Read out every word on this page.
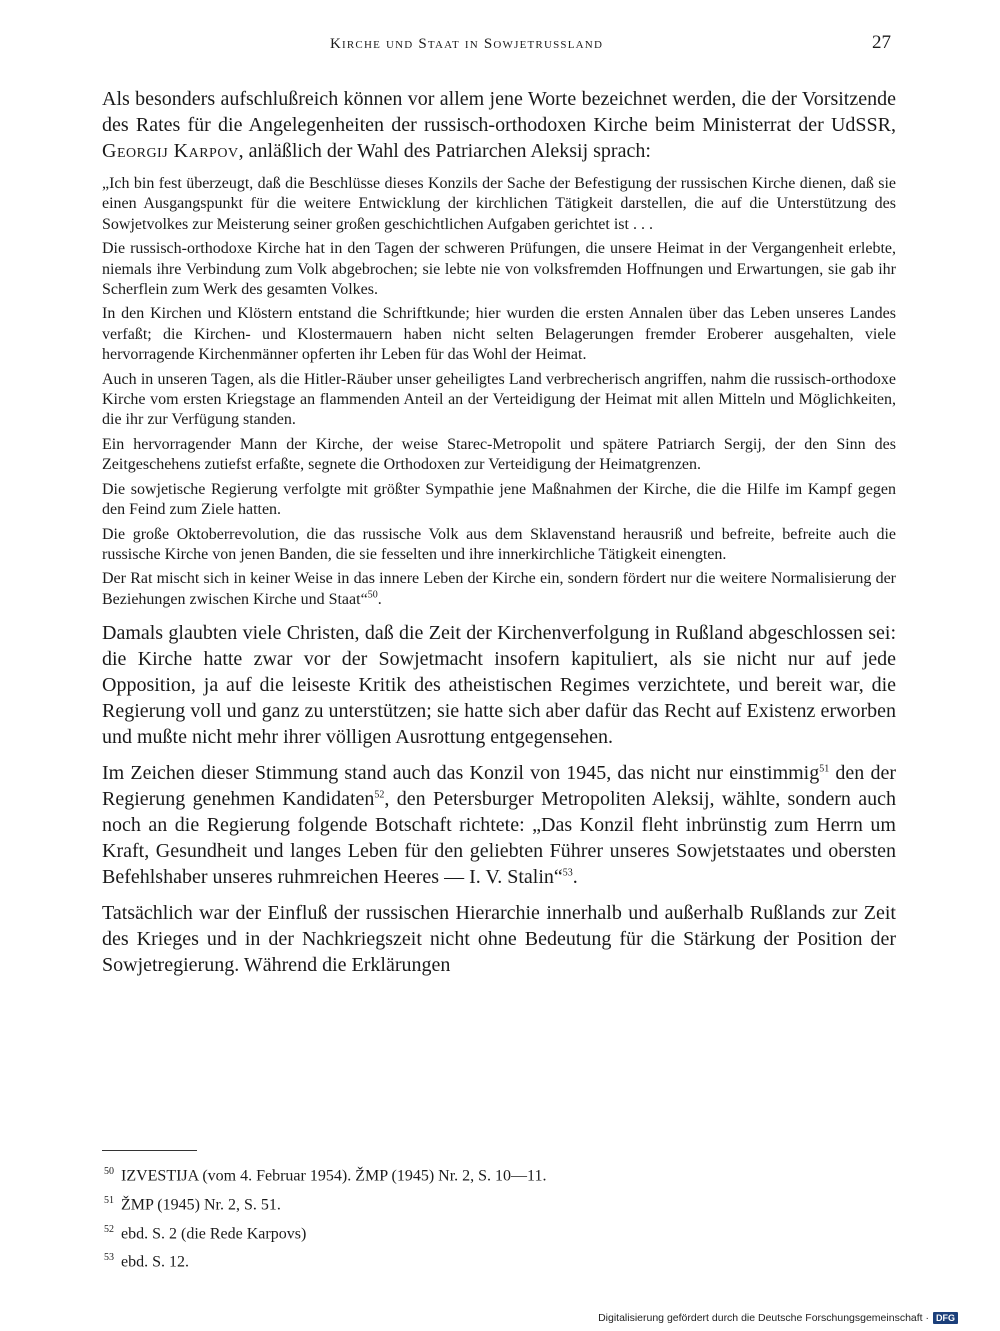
Kirche und Staat in Sowjetrussland	27

Als besonders aufschlußreich können vor allem jene Worte bezeichnet werden, die der Vorsitzende des Rates für die Angelegenheiten der russisch-orthodoxen Kirche beim Ministerrat der UdSSR, Georgij Karpov, anläßlich der Wahl des Patriarchen Aleksij sprach:

„Ich bin fest überzeugt, daß die Beschlüsse dieses Konzils der Sache der Befestigung der russischen Kirche dienen, daß sie einen Ausgangspunkt für die weitere Entwicklung der kirchlichen Tätigkeit darstellen, die auf die Unterstützung des Sowjetvolkes zur Meisterung seiner großen geschichtlichen Aufgaben gerichtet ist . . .

Die russisch-orthodoxe Kirche hat in den Tagen der schweren Prüfungen, die unsere Heimat in der Vergangenheit erlebte, niemals ihre Verbindung zum Volk abgebrochen; sie lebte nie von volksfremden Hoffnungen und Erwartungen, sie gab ihr Scherflein zum Werk des gesamten Volkes.

In den Kirchen und Klöstern entstand die Schriftkunde; hier wurden die ersten Annalen über das Leben unseres Landes verfaßt; die Kirchen- und Klostermauern haben nicht selten Belagerungen fremder Eroberer ausgehalten, viele hervorragende Kirchenmänner opferten ihr Leben für das Wohl der Heimat.

Auch in unseren Tagen, als die Hitler-Räuber unser geheiligtes Land verbrecherisch angriffen, nahm die russisch-orthodoxe Kirche vom ersten Kriegstage an flammenden Anteil an der Verteidigung der Heimat mit allen Mitteln und Möglichkeiten, die ihr zur Verfügung standen.

Ein hervorragender Mann der Kirche, der weise Starec-Metropolit und spätere Patriarch Sergij, der den Sinn des Zeitgeschehens zutiefst erfaßte, segnete die Orthodoxen zur Verteidigung der Heimatgrenzen.

Die sowjetische Regierung verfolgte mit größter Sympathie jene Maßnahmen der Kirche, die die Hilfe im Kampf gegen den Feind zum Ziele hatten.

Die große Oktoberrevolution, die das russische Volk aus dem Sklavenstand herausriß und befreite, befreite auch die russische Kirche von jenen Banden, die sie fesselten und ihre innerkirchliche Tätigkeit einengten.

Der Rat mischt sich in keiner Weise in das innere Leben der Kirche ein, sondern fördert nur die weitere Normalisierung der Beziehungen zwischen Kirche und Staat“$^{50}$.

Damals glaubten viele Christen, daß die Zeit der Kirchenverfolgung in Rußland abgeschlossen sei: die Kirche hatte zwar vor der Sowjetmacht insofern kapituliert, als sie nicht nur auf jede Opposition, ja auf die leiseste Kritik des atheistischen Regimes verzichtete, und bereit war, die Regierung voll und ganz zu unterstützen; sie hatte sich aber dafür das Recht auf Existenz erworben und mußte nicht mehr ihrer völligen Ausrottung entgegensehen.

Im Zeichen dieser Stimmung stand auch das Konzil von 1945, das nicht nur einstimmig$^{51}$ den der Regierung genehmen Kandidaten$^{52}$, den Petersburger Metropoliten Aleksij, wählte, sondern auch noch an die Regierung folgende Botschaft richtete: „Das Konzil fleht inbrünstig zum Herrn um Kraft, Gesundheit und langes Leben für den geliebten Führer unseres Sowjetstaates und obersten Befehlshaber unseres ruhmreichen Heeres — I. V. Stalin“$^{53}$.

Tatsächlich war der Einfluß der russischen Hierarchie innerhalb und außerhalb Rußlands zur Zeit des Krieges und in der Nachkriegszeit nicht ohne Bedeutung für die Stärkung der Position der Sowjetregierung. Während die Erklärungen

$^{50}$ IZVESTIJA (vom 4. Februar 1954). ŽMP (1945) Nr. 2, S. 10—11.

$^{51}$ ŽMP (1945) Nr. 2, S. 51.

$^{52}$ ebd. S. 2 (die Rede Karpovs)

$^{53}$ ebd. S. 12.

Digitalisierung gefördert durch die Deutsche Forschungsgemeinschaft · DFG
